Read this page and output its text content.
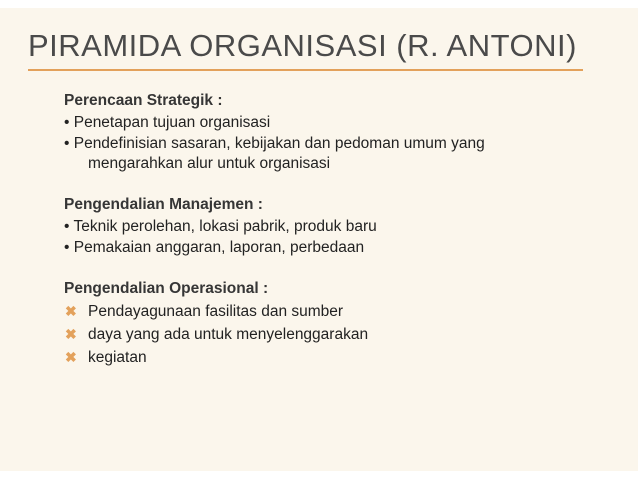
PIRAMIDA ORGANISASI (R. ANTONI)
Perencaan Strategik :
• Penetapan tujuan organisasi
• Pendefinisian sasaran, kebijakan dan pedoman umum yang
mengarahkan alur untuk organisasi
Pengendalian Manajemen :
• Teknik perolehan, lokasi pabrik, produk baru
• Pemakaian anggaran, laporan, perbedaan
Pengendalian Operasional :
✖ Pendayagunaan fasilitas dan sumber
✖ daya yang ada untuk menyelenggarakan
✖ kegiatan
